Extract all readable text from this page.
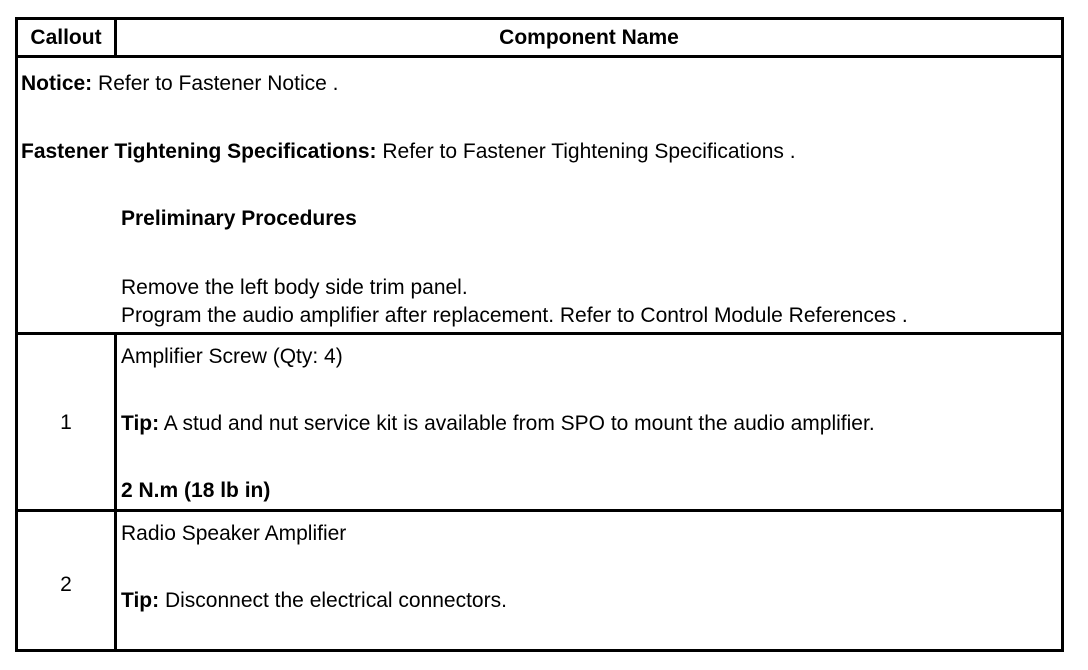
Callout	Component Name
Notice: Refer to Fastener Notice .
Fastener Tightening Specifications: Refer to Fastener Tightening Specifications .
Preliminary Procedures
Remove the left body side trim panel.
Program the audio amplifier after replacement. Refer to Control Module References .
1
Amplifier Screw (Qty: 4)
Tip: A stud and nut service kit is available from SPO to mount the audio amplifier.
2 N.m (18 lb in)
2
Radio Speaker Amplifier
Tip: Disconnect the electrical connectors.
